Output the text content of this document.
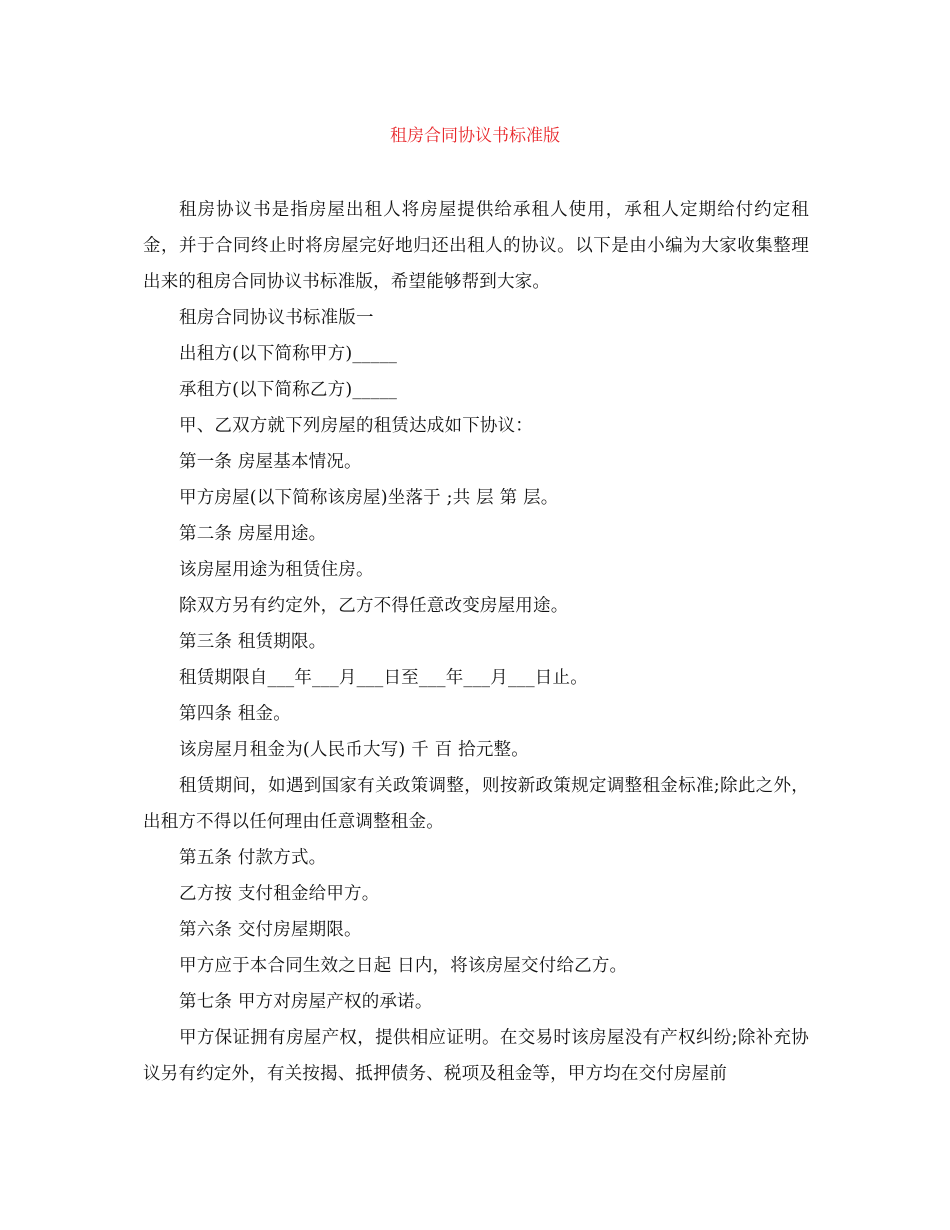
租房合同协议书标准版

租房协议书是指房屋出租人将房屋提供给承租人使用，承租人定期给付约定租金，并于合同终止时将房屋完好地归还出租人的协议。以下是由小编为大家收集整理出来的租房合同协议书标准版，希望能够帮到大家。

租房合同协议书标准版一

出租方(以下简称甲方)_____

承租方(以下简称乙方)_____

甲、乙双方就下列房屋的租赁达成如下协议：

第一条 房屋基本情况。

甲方房屋(以下简称该房屋)坐落于 ;共 层 第 层。

第二条 房屋用途。

该房屋用途为租赁住房。

除双方另有约定外，乙方不得任意改变房屋用途。

第三条 租赁期限。

租赁期限自___年___月___日至___年___月___日止。

第四条 租金。

该房屋月租金为(人民币大写) 千 百 拾元整。

租赁期间，如遇到国家有关政策调整，则按新政策规定调整租金标准;除此之外，出租方不得以任何理由任意调整租金。

第五条 付款方式。

乙方按 支付租金给甲方。

第六条 交付房屋期限。

甲方应于本合同生效之日起 日内，将该房屋交付给乙方。

第七条 甲方对房屋产权的承诺。

甲方保证拥有房屋产权，提供相应证明。在交易时该房屋没有产权纠纷;除补充协议另有约定外，有关按揭、抵押债务、税项及租金等，甲方均在交付房屋前
